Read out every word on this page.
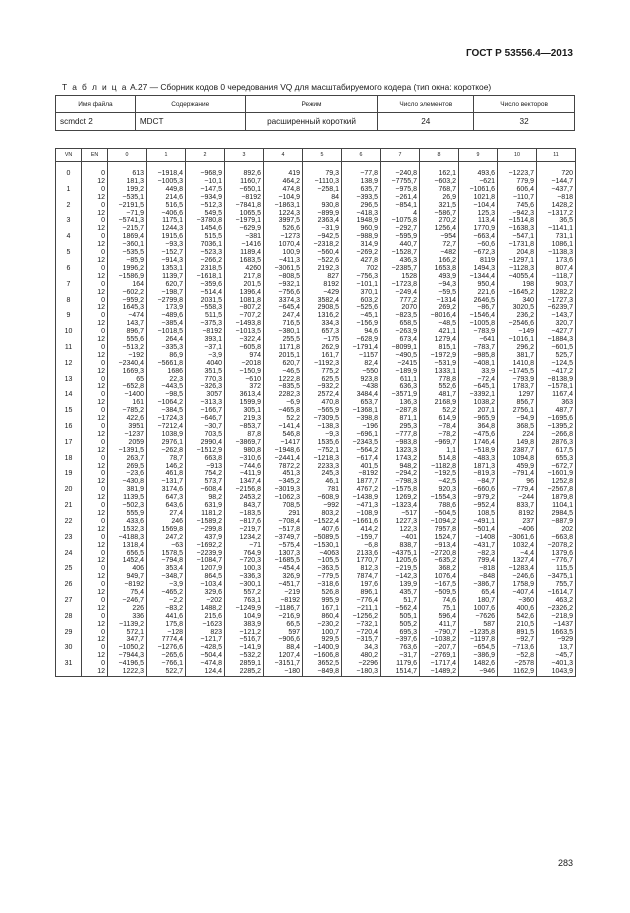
ГОСТ Р 53556.4—2013
Т а б л и ц а A.27 — Сборник кодов 0 чередования VQ для масштабируемого кодера (тип окна: короткое)
Имя файла	Содержание	Режим	Число элементов	Число векторов
scmdct 2	MDCT	расширенный короткий	24	32
VN	EN	0	1	2	3	4	5	6	7	8	9	10	11
0	0	613	−1918,4	−968,9	892,6	419	79,3	−77,8	−240,8	162,1	493,6	−1223,7	720
	12	181,3	−1005,3	−10,1	1160,7	464,2	−1110,3	138,9	−7755,7	−603,2	−621	779,9	−144,7
1	0	199,2	449,8	−147,5	−650,1	474,8	−258,1	635,7	−975,8	768,7	−1061,6	606,4	−437,7
	12	−535,1	214,6	−934,9	−8192	−104,9	84	−393,5	−261,4	26,9	1021,8	−110,7	−818
2	0	−2191,5	516,5	−512,3	−7841,8	−1863,1	930,8	296,5	−854,1	321,5	−104,4	745,6	1428,2
	12	−71,9	−406,6	549,5	1065,5	1224,3	−899,9	−418,3	4	−586,7	125,3	−942,3	−1317,2
3	0	−5741,3	1175,1	−3780,8	−1979,1	3997,5	2363,4	1948,9	−1075,8	270,2	113,4	−1514,8	36,5
	12	−215,7	1244,3	1454,6	−629,9	526,6	−31,9	960,9	−292,7	1256,4	1770,9	−1638,3	−1141,1
4	0	1869,4	1915,6	515,5	−381	−1273	−942,5	−988,9	−595,9	−954	−663,4	−547,1	731,1
	12	−360,1	−93,3	7036,1	−1416	1070,4	−2318,2	314,9	440,7	72,7	−60,6	−1731,8	1086,1
5	0	−535,5	−152,7	−523,3	1189,4	100,9	−560,4	−269,2	−1528,7	−482	−672,3	204,8	−1138,3
	12	−85,9	−914,3	−266,2	1683,5	−411,3	−522,6	427,8	436,3	166,2	8119	−1297,1	173,6
6	0	1996,2	1353,1	2318,5	4260	−3061,5	2192,3	702	−2385,7	1653,8	1494,3	−1128,3	807,4
	12	−1586,9	1139,7	−1618,1	217,8	−808,5	827	−756,3	1528	493,9	−1344,4	−4055,4	−118,7
7	0	164	620,7	−359,6	201,5	−932,1	8192	−101,1	−1723,8	−94,3	950,4	198	903,7
	12	−602,2	−198,7	−514,4	1396,4	−756,6	−429	370,1	−249,4	−59,5	221,6	−1645,2	1282,2
8	0	−959,2	−2799,8	2031,5	1081,8	3374,3	3582,4	603,2	777,2	−1314	2646,5	340	−1727,3
	12	1645,3	173,9	−558,3	−807,2	−645,4	2908,5	−525,6	2070	269,2	−86,7	3020,5	−6239,7
9	0	−474	−489,6	511,5	−707,2	247,4	1316,2	−45,1	−823,5	−8016,4	−1546,4	236,2	−143,7
	12	143,7	−385,4	−375,3	−1493,8	716,5	334,3	−156,9	658,5	−48,5	−1005,8	−2546,6	320,7
10	0	896,7	−1018,5	−8192	−1013,5	−380,1	657,3	94,6	−263,9	421,1	−783,9	−149	−427,7
	12	555,6	264,4	393,1	−322,4	255,5	−175	−628,9	673,4	1279,4	−641	−1016,1	−1884,3
11	0	−513,2	−335,3	−37,1	−605,8	1171,8	262,9	−1791,4	−8099,1	815,1	−783,7	296,2	−601,5
	12	−192	86,9	−3,9	974	2015,1	161,7	−1157	−490,5	−1972,9	−985,8	381,7	525,7
12	0	−2340,4	−5661,8	4040	−2018	620,7	−1192,3	82,4	−2415	−531,9	−408,1	1410,8	−124,5
	12	1669,3	1686	351,5	−150,9	−46,5	775,2	−550	−189,9	1333,1	33,9	−1745,5	−417,2
13	0	65	22,3	770,3	−610	1222,8	625,5	923,8	611,1	778,8	−72,4	−793,9	−8138,9
	12	−652,8	−443,5	−326,3	372	−835,5	−932,2	−438	636,3	552,6	−645,1	1783,7	−1578,1
14	0	−1400	−98,5	3057	3613,4	2282,3	2572,4	3484,4	−3571,9	481,7	−3392,1	1297	1167,4
	12	161	−1064,2	−313,3	1599,9	−6,9	470,8	653,7	136,3	2168,9	1038,2	856,7	363
15	0	−785,2	−384,5	−166,7	305,1	−465,8	−565,9	−1368,1	−287,8	52,2	207,1	2756,1	487,7
	12	422,6	−1724,3	−646,7	219,3	52,2	−7309,5	−398,8	871,1	614,9	−965,9	−94,9	−1695,6
16	0	3951	−7212,4	−30,7	−853,7	−141,4	−138,3	−196	295,3	−78,4	364,8	368,5	−1395,2
	12	−1237	1038,9	703,5	87,8	546,8	−9,3	−696,1	−777,8	−78,2	−475,6	224	−266,8
17	0	2059	2976,1	2990,4	−3869,7	−1417	1535,6	−2343,5	−983,8	−969,7	1746,4	149,8	2876,3
	12	−1391,5	−262,8	−1512,9	980,8	−1948,6	−752,1	−564,2	1323,3	1,1	−518,9	2387,7	617,5
18	0	263,7	78,7	663,8	−310,6	−2441,4	−1218,3	−617,4	1743,2	514,8	−483,3	1094,8	655,3
	12	269,5	146,2	−913	−744,6	7872,2	2233,3	401,5	948,2	−1182,8	1871,3	459,9	−672,7
19	0	−23,6	461,8	754,2	−411,9	451,3	245,3	−8192	−294,2	−192,5	−819,3	−791,4	−1601,9
	12	−430,8	−131,7	573,7	1347,4	−345,2	46,1	1877,7	−798,3	−42,5	−84,7	96	1252,8
20	0	381,9	3174,6	−608,4	−2156,8	−3019,3	781	4767,2	−1575,8	920,3	−660,6	−779,4	−2567,8
	12	1139,5	647,3	98,2	2453,2	−1062,3	−608,9	−1438,9	1269,2	−1554,3	−979,2	−244	1879,8
21	0	−502,3	643,6	631,9	843,7	708,5	−992	−471,3	−1323,4	788,6	−952,4	833,7	1104,1
	12	555,9	27,4	1181,2	−183,5	291	803,2	−108,9	−517	−504,5	108,5	8192	2984,5
22	0	433,6	246	−1589,2	−817,6	−708,4	−1522,4	−1661,6	1227,3	−1094,2	−491,1	237	−887,9
	12	1532,3	1569,8	−299,8	−219,7	−517,8	407,6	414,2	122,3	7957,8	−501,4	−406	202
23	0	−4188,3	247,2	437,9	1234,2	−3749,7	−5089,5	−159,7	−401	1524,7	−1408	−3061,6	−663,8
	12	1318,4	−63	−1692,2	−71	−575,4	−1530,1	−6,8	838,7	−913,4	−431,7	1032,4	−2078,2
24	0	656,5	1578,5	−2239,9	764,9	1307,3	−4063	2133,6	−4375,1	−2720,8	−82,3	−4,4	1379,6
	12	1452,4	−794,8	−1084,7	−720,3	−1685,5	−105,5	1770,7	1205,6	−635,2	799,4	1327,4	−776,7
25	0	406	353,4	1207,9	100,3	−454,4	−363,5	812,3	−219,5	368,2	−818	−1283,4	115,5
	12	949,7	−348,7	864,5	−336,3	326,9	−779,5	7874,7	−142,3	1076,4	−848	−246,6	−3475,1
26	0	−8192	−3,9	−103,4	−300,1	−451,7	−318,6	197,6	139,9	−167,5	−386,7	1758,9	755,7
	12	75,4	−465,2	329,6	557,2	−219	526,8	896,1	435,7	−509,5	65,4	−407,4	−1614,7
27	0	−246,7	−2,2	−202	763,1	−8192	995,9	−776,4	51,7	74,6	180,7	−360	463,2
	12	226	−83,2	1488,2	−1249,9	−1186,7	167,1	−211,1	−562,4	75,1	1007,6	400,6	−2326,2
28	0	336	441,6	215,6	104,9	−216,9	860,4	−1256,2	505,1	596,4	−7626	542,6	−218,9
	12	−1139,2	175,8	−1623	383,9	66,5	−230,2	−732,1	505,2	411,7	587	210,5	−1437
29	0	572,1	−128	823	−121,2	597	100,7	−720,4	695,3	−790,7	−1235,8	891,5	1663,5
	12	347,7	7774,4	−121,7	−516,7	−906,6	929,5	−315,7	−397,6	−1038,2	−1197,8	−92,7	−929
30	0	−1050,2	−1276,6	−428,5	−141,9	88,4	−1400,9	34,3	763,6	−207,7	−654,5	−713,6	13,7
	12	−7944,3	−265,6	−504,4	−532,2	1207,4	−1606,8	480,2	−31,7	−2769,1	−386,9	−52,8	−45,7
31	0	−4196,5	−766,1	−474,8	2859,1	−3151,7	3652,5	−2296	1179,6	−1717,4	1482,6	−2578	−401,3
	12	1222,3	522,7	124,4	2285,2	−180	−849,8	−180,3	1514,7	−1489,2	−946	1162,9	1043,9
283
